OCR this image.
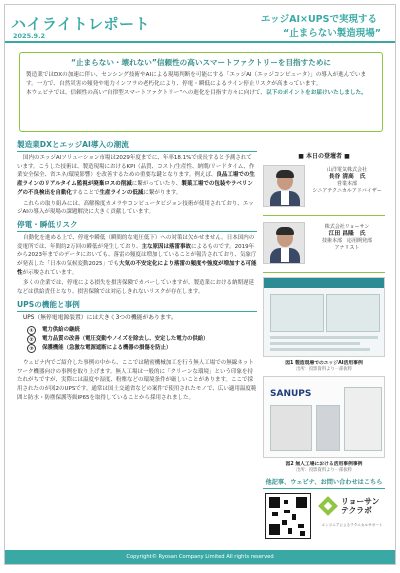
ハイライトレポート
2025.9.2
エッジAI×UPSで実現する
“止まらない製造現場”
“止まらない・壊れない”信頼性の高いスマートファクトリーを目指すために

製造業ではDXの加速に伴い、センシング技術やAIによる現場判断を可能にする「エッジAI（エッジコンピュータ）」の導入が進んでいます。一方で、自然災害の頻発や電力インフラの老朽化により、停電・瞬低によるライン停止リスクが高まっています。

本ウェビナでは、信頼性の高い“自律型スマートファクトリー”への進化を目指す方々に向けて、以下のポイントをお届けいたしました。

製造業DXとエッジAI導入の潮流

国内のエッジAIソリューション市場は2029年度までに、年率18.1%で成長すると予測されています。こうした技術は、製造現場におけるKPI（品質、コスト/生産性、納期/リードタイム、作業安全保全、省エネ/環境影響）を改善するための重要な鍵となります。例えば、良品工場での生産ラインのリアルタイム監視が廃棄ロスの削減に繋がっていたり、製菓工場での包装やラベリングの不良検出を自動化することで生産ラインの低減に繋がります。

これらの取り組みには、高解像度カメラやコンピュータビジョン技術が使用されており、エッジAIの導入が現場の課題解決に大きく貢献しています。

停電・瞬低リスク

自動化を進める上で、停電や瞬低（瞬間的な電圧低下）への対策は欠かせません。日本国内の変電所では、年間約2万回の瞬低が発生しており、主な原因は落雷事故によるものです。2019年から2023年までのデータにおいても、落雷の頻度は増加していることが報告されており、気象庁が発表した「日本の気候変動2025」でも大気の不安定化により落雷の頻度や強度が増加する可能性が示唆されています。

多くの企業では、停電による損失を損害保険でカバーしていますが、製造業における納期遅延などは供給責任となり、損害保険では対応しきれないリスクが存在します。

UPSの機能と事例

UPS（無停電電源装置）には大きく3つの機能があります。

①	電力供給の継続
②	電力品質の改善（電圧変動やノイズを除去し、安定した電力の供給）
③	保護機能（急激な電源遮断による機器の損傷を防止）

ウェビナ内でご紹介した事例の中から、ここでは精密機械加工を行う無人工場での無線ネットワーク機器向けの事例を取り上げます。無人工場は一般的に「クリーンな環境」という印象を持たれがちですが、実際には温度や湿度、粉塵などの環境条件が厳しいことがあります。ここで採用されたのが図2のUPSです。通常は国土交通省などの案件で使用されたモノで、広い適用温度範囲と防水・防塵保護等級IP65を取得していることから採用されました。

■ 本日の登壇者 ■
山洋電気株式会社
長谷 清高　氏
営業本部
シニアテクニカルアドバイザー
株式会社リョーサン
江田 昌隆　氏
技術本部　応用開発部
アナリスト
図1 製造現場でのエッジAI活用事例
出所：投影資料より一部抜粋
SANUPS
図2 無人工場における活用事例事例
出所：投影資料より一部抜粋
他記事、ウェビナ、お問い合わせはこちら
リョーサン
テクラボ
エンジニアによるテクニカルサポート
Copyright© Ryosan Company Limited All rights reserved
